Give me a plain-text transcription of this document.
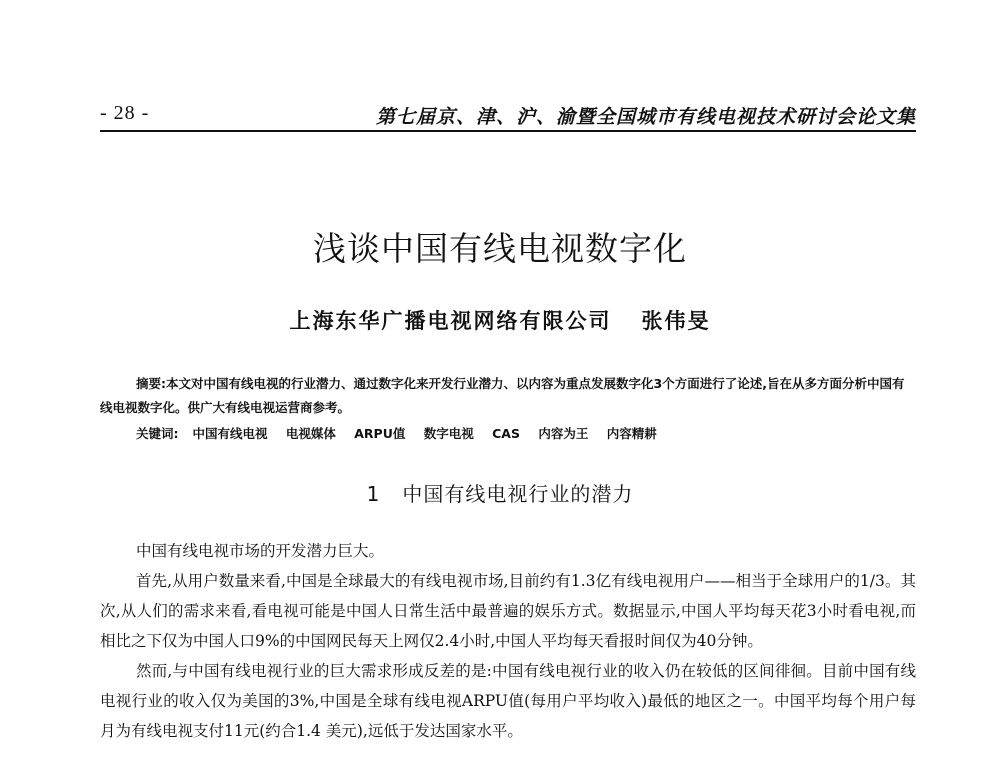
- 28 -	第七届京、津、沪、渝暨全国城市有线电视技术研讨会论文集
浅谈中国有线电视数字化
上海东华广播电视网络有限公司 张伟旻

摘要:本文对中国有线电视的行业潜力、通过数字化来开发行业潜力、以内容为重点发展数字化3个方面进行了论述,旨在从多方面分析中国有线电视数字化。供广大有线电视运营商参考。

关键词: 中国有线电视 电视媒体 ARPU值 数字电视 CAS 内容为王 内容精耕
1 中国有线电视行业的潜力

中国有线电视市场的开发潜力巨大。

首先,从用户数量来看,中国是全球最大的有线电视市场,目前约有1.3亿有线电视用户——相当于全球用户的1/3。其次,从人们的需求来看,看电视可能是中国人日常生活中最普遍的娱乐方式。数据显示,中国人平均每天花3小时看电视,而相比之下仅为中国人口9%的中国网民每天上网仅2.4小时,中国人平均每天看报时间仅为40分钟。

然而,与中国有线电视行业的巨大需求形成反差的是:中国有线电视行业的收入仍在较低的区间徘徊。目前中国有线电视行业的收入仅为美国的3%,中国是全球有线电视ARPU值(每用户平均收入)最低的地区之一。中国平均每个用户每月为有线电视支付11元(约合1.4 美元),远低于发达国家水平。
